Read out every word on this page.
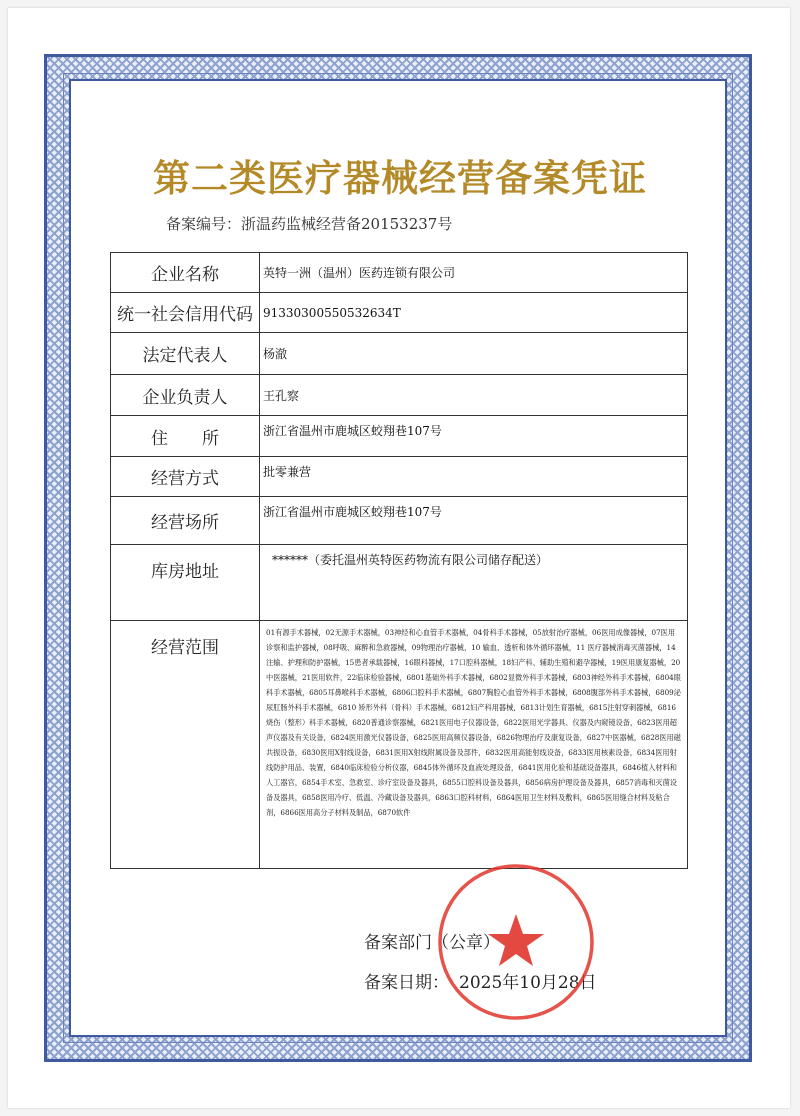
第二类医疗器械经营备案凭证
备案编号：浙温药监械经营备20153237号
企业名称	英特一洲（温州）医药连锁有限公司
统一社会信用代码	91330300550532634T
法定代表人	杨澈
企业负责人	王孔察
住　　所	浙江省温州市鹿城区蛟翔巷107号
经营方式	批零兼营
经营场所	浙江省温州市鹿城区蛟翔巷107号
库房地址	******（委托温州英特医药物流有限公司储存配送）
经营范围	01有源手术器械，02无源手术器械，03神经和心血管手术器械，04骨科手术器械，05放射治疗器械，06医用成像器械，07医用诊察和监护器械，08呼吸、麻醉和急救器械，09物理治疗器械，10 输血、透析和体外循环器械，11 医疗器械消毒灭菌器械，14注输、护理和防护器械，15患者承载器械，16眼科器械，17口腔科器械，18妇产科、辅助生殖和避孕器械，19医用康复器械，20中医器械，21医用软件，22临床检验器械，6801基础外科手术器械，6802显微外科手术器械，6803神经外科手术器械，6804眼科手术器械，6805耳鼻喉科手术器械，6806口腔科手术器械，6807胸腔心血管外科手术器械，6808腹部外科手术器械，6809泌尿肛肠外科手术器械，6810 矫形外科（骨科）手术器械，6812妇产科用器械，6813计划生育器械，6815注射穿刺器械，6816烧伤（整形）科手术器械，6820普通诊察器械，6821医用电子仪器设备，6822医用光学器具、仪器及内窥镜设备，6823医用超声仪器及有关设备，6824医用激光仪器设备，6825医用高频仪器设备，6826物理治疗及康复设备，6827中医器械，6828医用磁共振设备，6830医用X射线设备，6831医用X射线附属设备及部件，6832医用高能射线设备，6833医用核素设备，6834医用射线防护用品、装置，6840临床检验分析仪器，6845体外循环及血液处理设备，6841医用化验和基础设备器具，6846植入材料和人工器官，6854手术室、急救室、诊疗室设备及器具，6855口腔科设备及器具，6856病房护理设备及器具，6857消毒和灭菌设备及器具，6858医用冷疗、低温、冷藏设备及器具，6863口腔科材料，6864医用卫生材料及敷料，6865医用缝合材料及粘合剂，6866医用高分子材料及制品，6870软件
备案部门（公章）
备案日期： 2025年10月28日
